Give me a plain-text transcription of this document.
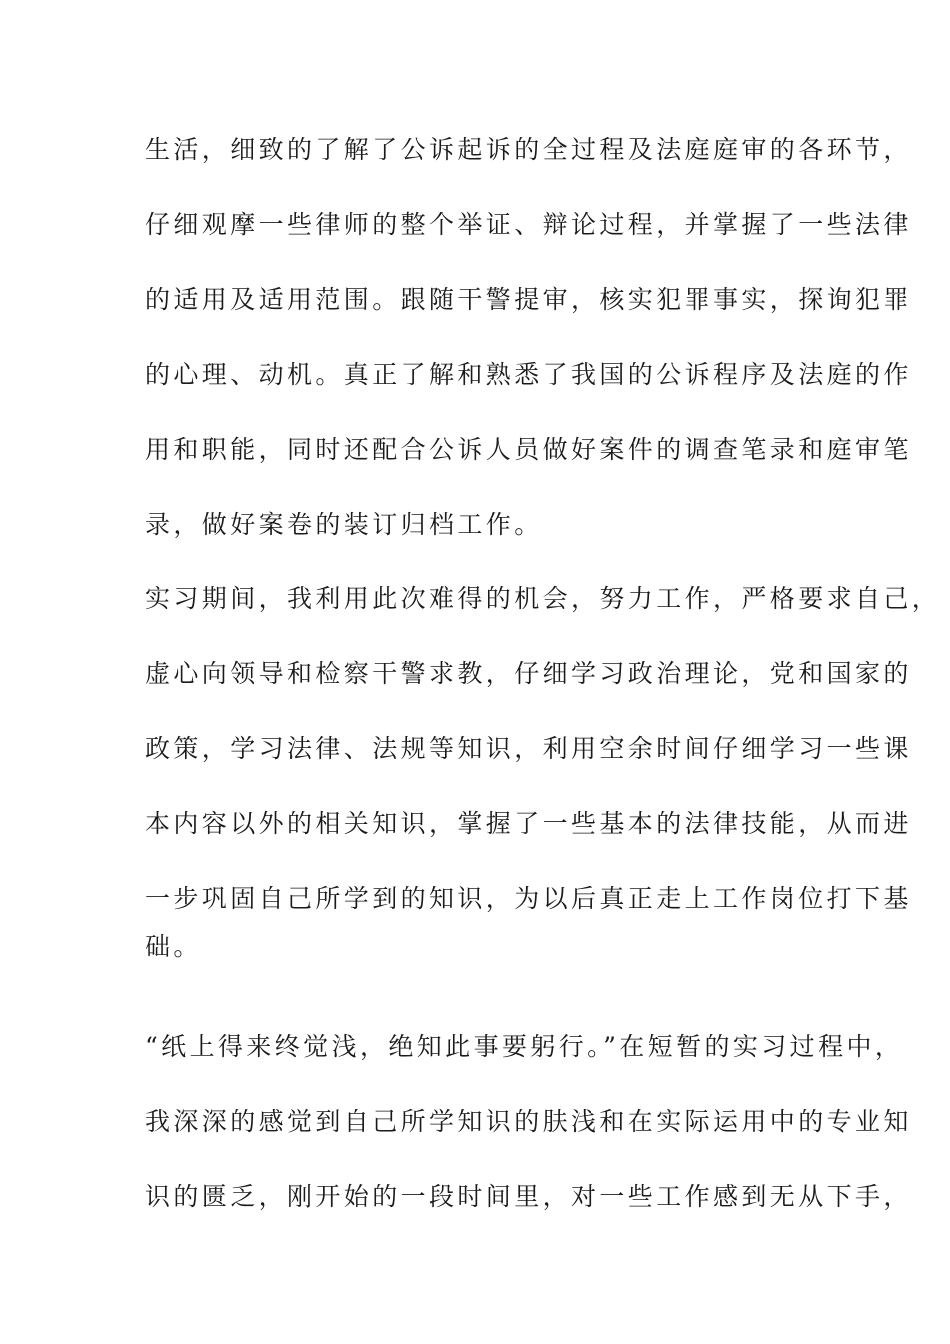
生活，细致的了解了公诉起诉的全过程及法庭庭审的各环节，
仔细观摩一些律师的整个举证、辩论过程，并掌握了一些法律
的适用及适用范围。跟随干警提审，核实犯罪事实，探询犯罪
的心理、动机。真正了解和熟悉了我国的公诉程序及法庭的作
用和职能，同时还配合公诉人员做好案件的调查笔录和庭审笔
录，做好案卷的装订归档工作。
实习期间，我利用此次难得的机会，努力工作，严格要求自己，
虚心向领导和检察干警求教，仔细学习政治理论，党和国家的
政策，学习法律、法规等知识，利用空余时间仔细学习一些课
本内容以外的相关知识，掌握了一些基本的法律技能，从而进
一步巩固自己所学到的知识，为以后真正走上工作岗位打下基
础。
“纸上得来终觉浅，绝知此事要躬行。”在短暂的实习过程中，
我深深的感觉到自己所学知识的肤浅和在实际运用中的专业知
识的匮乏，刚开始的一段时间里，对一些工作感到无从下手，
